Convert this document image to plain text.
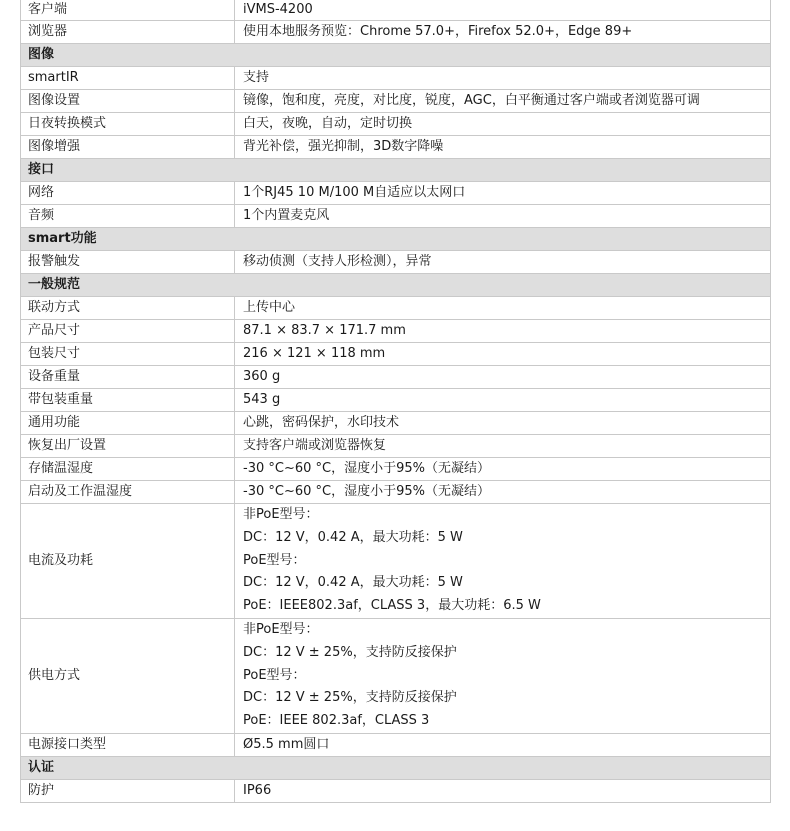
客户端	iVMS-4200
浏览器	使用本地服务预览：Chrome 57.0+，Firefox 52.0+，Edge 89+
图像	
smartIR	支持
图像设置	镜像，饱和度，亮度，对比度，锐度，AGC，白平衡通过客户端或者浏览器可调
日夜转换模式	白天，夜晚，自动，定时切换
图像增强	背光补偿，强光抑制，3D数字降噪
接口	
网络	1个RJ45 10 M/100 M自适应以太网口
音频	1个内置麦克风
smart功能	
报警触发	移动侦测（支持人形检测），异常
一般规范	
联动方式	上传中心
产品尺寸	87.1 × 83.7 × 171.7 mm
包装尺寸	216 × 121 × 118 mm
设备重量	360 g
带包装重量	543 g
通用功能	心跳，密码保护，水印技术
恢复出厂设置	支持客户端或浏览器恢复
存储温湿度	-30 °C~60 °C，湿度小于95%（无凝结）
启动及工作温湿度	-30 °C~60 °C，湿度小于95%（无凝结）
电流及功耗	非PoE型号：
DC：12 V，0.42 A，最大功耗：5 W
PoE型号：
DC：12 V，0.42 A，最大功耗：5 W
PoE：IEEE802.3af，CLASS 3，最大功耗：6.5 W

供电方式	非PoE型号：
DC：12 V ± 25%，支持防反接保护
PoE型号：
DC：12 V ± 25%，支持防反接保护
PoE：IEEE 802.3af，CLASS 3

电源接口类型	Ø5.5 mm圆口
认证	
防护	IP66
